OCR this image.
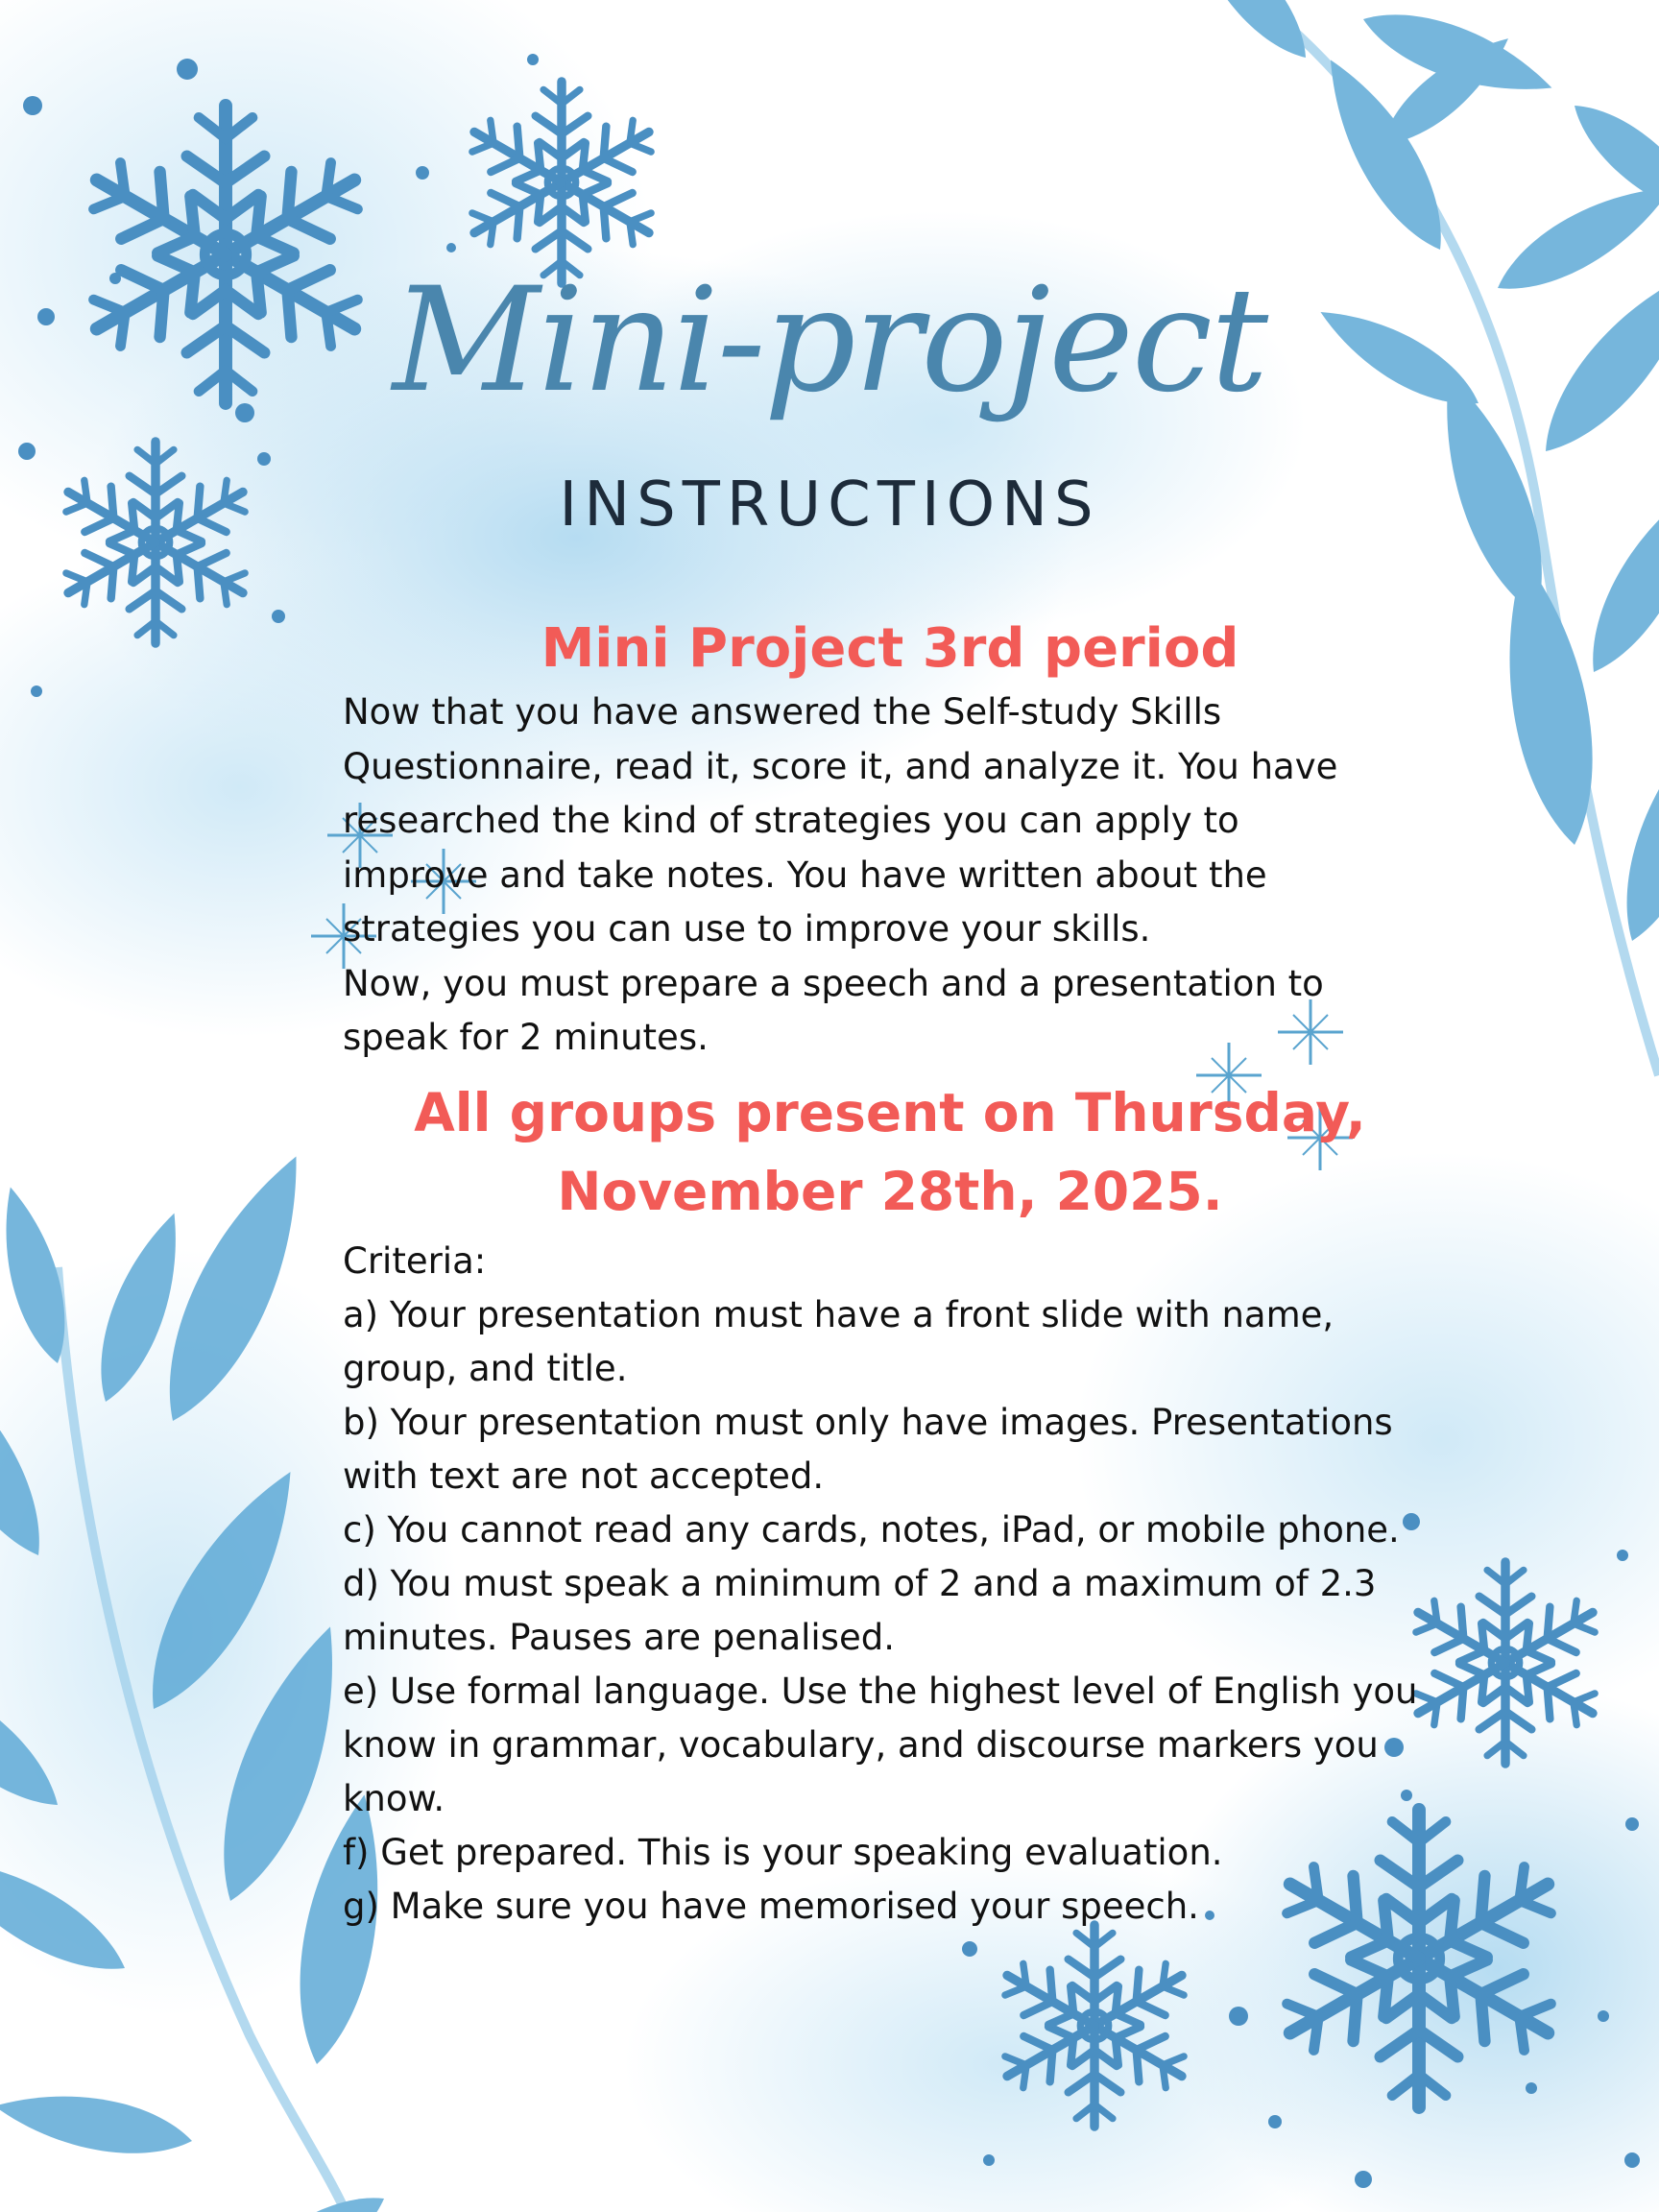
Mini-project
INSTRUCTIONS
Mini Project 3rd period

Now that you have answered the Self-study Skills

Questionnaire, read it, score it, and analyze it. You have

researched the kind of strategies you can apply to

improve and take notes. You have written about the

strategies you can use to improve your skills.

Now, you must prepare a speech and a presentation to

speak for 2 minutes.

All groups present on Thursday,
November 28th, 2025.
Criteria:
a) Your presentation must have a front slide with name,
group, and title.
b) Your presentation must only have images. Presentations
with text are not accepted.
c) You cannot read any cards, notes, iPad, or mobile phone.
d) You must speak a minimum of 2 and a maximum of 2.3
minutes. Pauses are penalised.
e) Use formal language. Use the highest level of English you
know in grammar, vocabulary, and discourse markers you
know.
f) Get prepared. This is your speaking evaluation.
g) Make sure you have memorised your speech.
